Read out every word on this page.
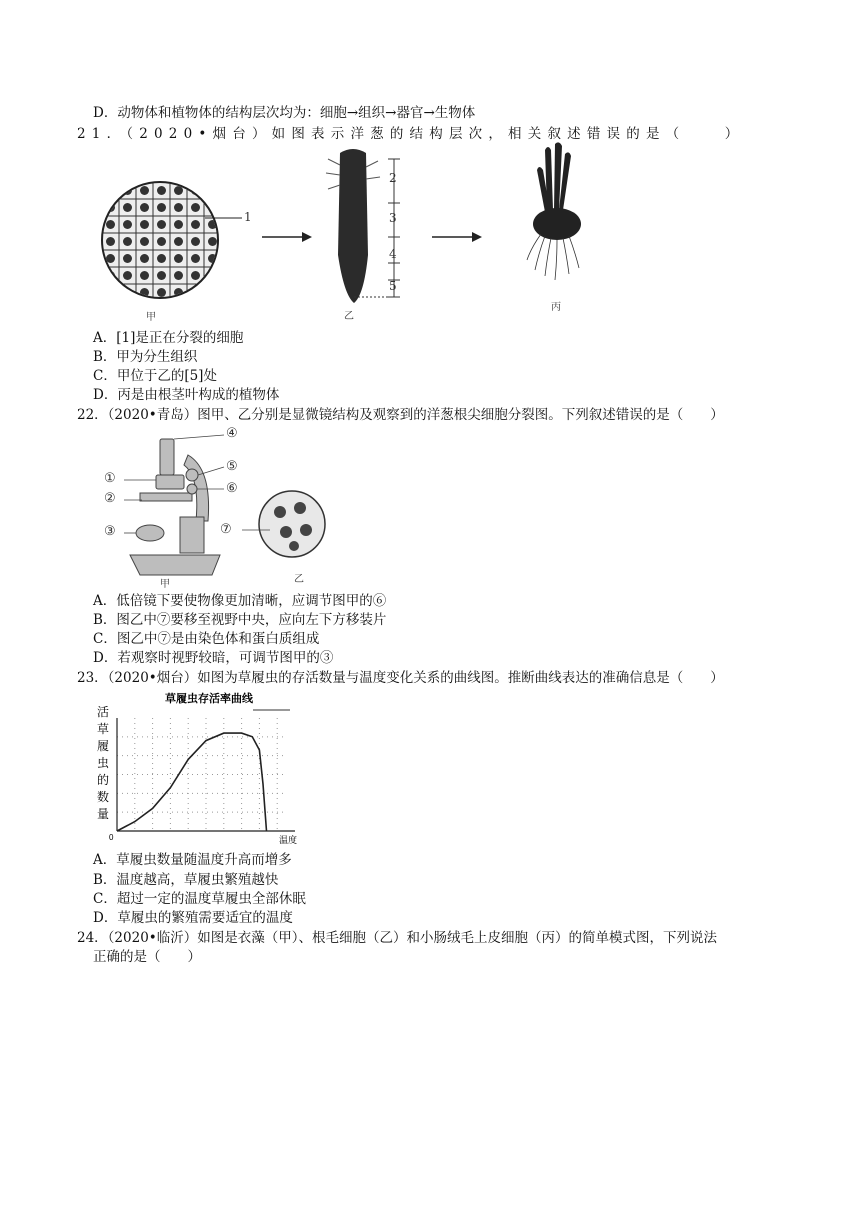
D．动物体和植物体的结构层次均为：细胞→组织→器官→生物体
21．（2020•烟台）如图表示洋葱的结构层次，相关叙述错误的是（　　）
1
甲
2
3
4
5
乙
丙
A．[1]是正在分裂的细胞
B．甲为分生组织
C．甲位于乙的[5]处
D．丙是由根茎叶构成的植物体
22．（2020•青岛）图甲、乙分别是显微镜结构及观察到的洋葱根尖细胞分裂图。下列叙述错误的是（　　）
①
②
③
④
⑤
⑥
甲
⑦
乙
A．低倍镜下要使物像更加清晰，应调节图甲的⑥
B．图乙中⑦要移至视野中央，应向左下方移装片
C．图乙中⑦是由染色体和蛋白质组成
D．若观察时视野较暗，可调节图甲的③
23．（2020•烟台）如图为草履虫的存活数量与温度变化关系的曲线图。推断曲线表达的准确信息是（　　）
草履虫存活率曲线
活
草
履
虫
的
数
量
0	温度
A．草履虫数量随温度升高而增多
B．温度越高，草履虫繁殖越快
C．超过一定的温度草履虫全部休眠
D．草履虫的繁殖需要适宜的温度
24．（2020•临沂）如图是衣藻（甲）、根毛细胞（乙）和小肠绒毛上皮细胞（丙）的简单模式图，下列说法
正确的是（　　）
